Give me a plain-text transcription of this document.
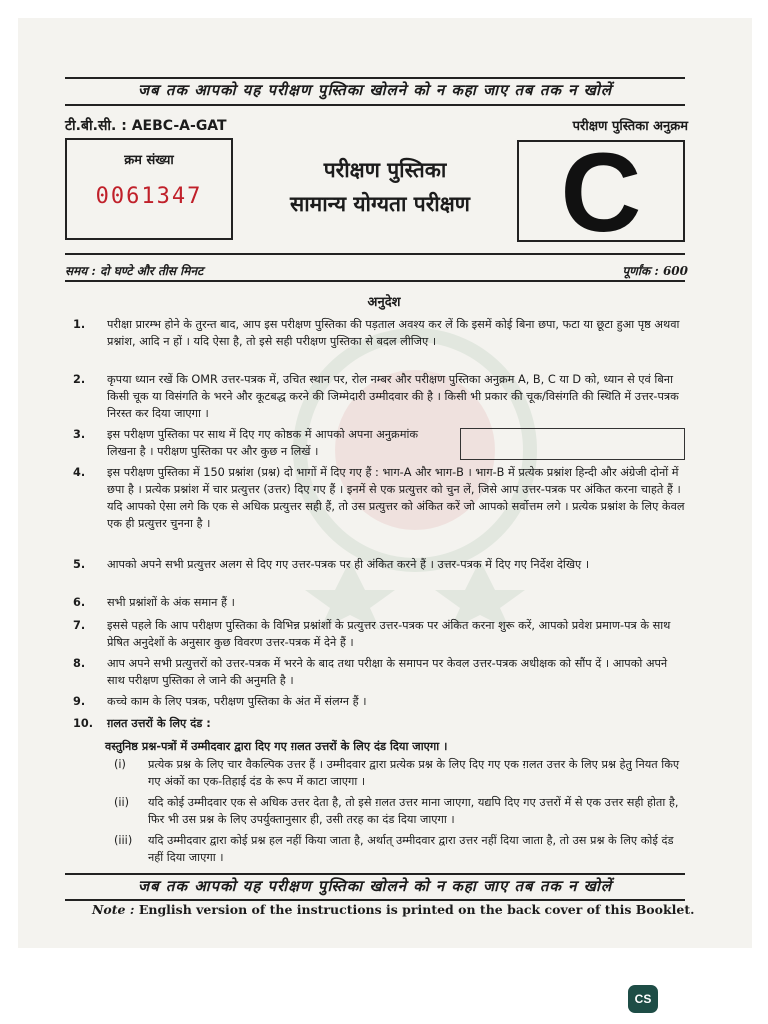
जब तक आपको यह परीक्षण पुस्तिका खोलने को न कहा जाए तब तक न खोलें
टी.बी.सी. : AEBC-A-GAT	परीक्षण पुस्तिका अनुक्रम
क्रम संख्या
0061347
परीक्षण पुस्तिका
सामान्य योग्यता परीक्षण C
समय : दो घण्टे और तीस मिनट	पूर्णांक : 600
अनुदेश
1. परीक्षा प्रारम्भ होने के तुरन्त बाद, आप इस परीक्षण पुस्तिका की पड़ताल अवश्य कर लें कि इसमें कोई बिना छपा, फटा या छूटा हुआ पृष्ठ अथवा प्रश्नांश, आदि न हों । यदि ऐसा है, तो इसे सही परीक्षण पुस्तिका से बदल लीजिए ।
2. कृपया ध्यान रखें कि OMR उत्तर-पत्रक में, उचित स्थान पर, रोल नम्बर और परीक्षण पुस्तिका अनुक्रम A, B, C या D को, ध्यान से एवं बिना किसी चूक या विसंगति के भरने और कूटबद्ध करने की जिम्मेदारी उम्मीदवार की है । किसी भी प्रकार की चूक/विसंगति की स्थिति में उत्तर-पत्रक निरस्त कर दिया जाएगा ।
3. इस परीक्षण पुस्तिका पर साथ में दिए गए कोष्ठक में आपको अपना अनुक्रमांक लिखना है । परीक्षण पुस्तिका पर और कुछ न लिखें ।
4. इस परीक्षण पुस्तिका में 150 प्रश्नांश (प्रश्न) दो भागों में दिए गए हैं : भाग-A और भाग-B । भाग-B में प्रत्येक प्रश्नांश हिन्दी और अंग्रेजी दोनों में छपा है । प्रत्येक प्रश्नांश में चार प्रत्युत्तर (उत्तर) दिए गए हैं । इनमें से एक प्रत्युत्तर को चुन लें, जिसे आप उत्तर-पत्रक पर अंकित करना चाहते हैं । यदि आपको ऐसा लगे कि एक से अधिक प्रत्युत्तर सही हैं, तो उस प्रत्युत्तर को अंकित करें जो आपको सर्वोत्तम लगे । प्रत्येक प्रश्नांश के लिए केवल एक ही प्रत्युत्तर चुनना है ।
5. आपको अपने सभी प्रत्युत्तर अलग से दिए गए उत्तर-पत्रक पर ही अंकित करने हैं । उत्तर-पत्रक में दिए गए निर्देश देखिए ।
6. सभी प्रश्नांशों के अंक समान हैं ।
7. इससे पहले कि आप परीक्षण पुस्तिका के विभिन्न प्रश्नांशों के प्रत्युत्तर उत्तर-पत्रक पर अंकित करना शुरू करें, आपको प्रवेश प्रमाण-पत्र के साथ प्रेषित अनुदेशों के अनुसार कुछ विवरण उत्तर-पत्रक में देने हैं ।
8. आप अपने सभी प्रत्युत्तरों को उत्तर-पत्रक में भरने के बाद तथा परीक्षा के समापन पर केवल उत्तर-पत्रक अधीक्षक को सौंप दें । आपको अपने साथ परीक्षण पुस्तिका ले जाने की अनुमति है ।
9. कच्चे काम के लिए पत्रक, परीक्षण पुस्तिका के अंत में संलग्न हैं ।
10. ग़लत उत्तरों के लिए दंड :
वस्तुनिष्ठ प्रश्न-पत्रों में उम्मीदवार द्वारा दिए गए ग़लत उत्तरों के लिए दंड दिया जाएगा ।
(i) प्रत्येक प्रश्न के लिए चार वैकल्पिक उत्तर हैं । उम्मीदवार द्वारा प्रत्येक प्रश्न के लिए दिए गए एक ग़लत उत्तर के लिए प्रश्न हेतु नियत किए गए अंकों का एक-तिहाई दंड के रूप में काटा जाएगा ।
(ii) यदि कोई उम्मीदवार एक से अधिक उत्तर देता है, तो इसे ग़लत उत्तर माना जाएगा, यद्यपि दिए गए उत्तरों में से एक उत्तर सही होता है, फिर भी उस प्रश्न के लिए उपर्युक्तानुसार ही, उसी तरह का दंड दिया जाएगा ।
(iii) यदि उम्मीदवार द्वारा कोई प्रश्न हल नहीं किया जाता है, अर्थात् उम्मीदवार द्वारा उत्तर नहीं दिया जाता है, तो उस प्रश्न के लिए कोई दंड नहीं दिया जाएगा ।
जब तक आपको यह परीक्षण पुस्तिका खोलने को न कहा जाए तब तक न खोलें
Note : English version of the instructions is printed on the back cover of this Booklet.
CS
